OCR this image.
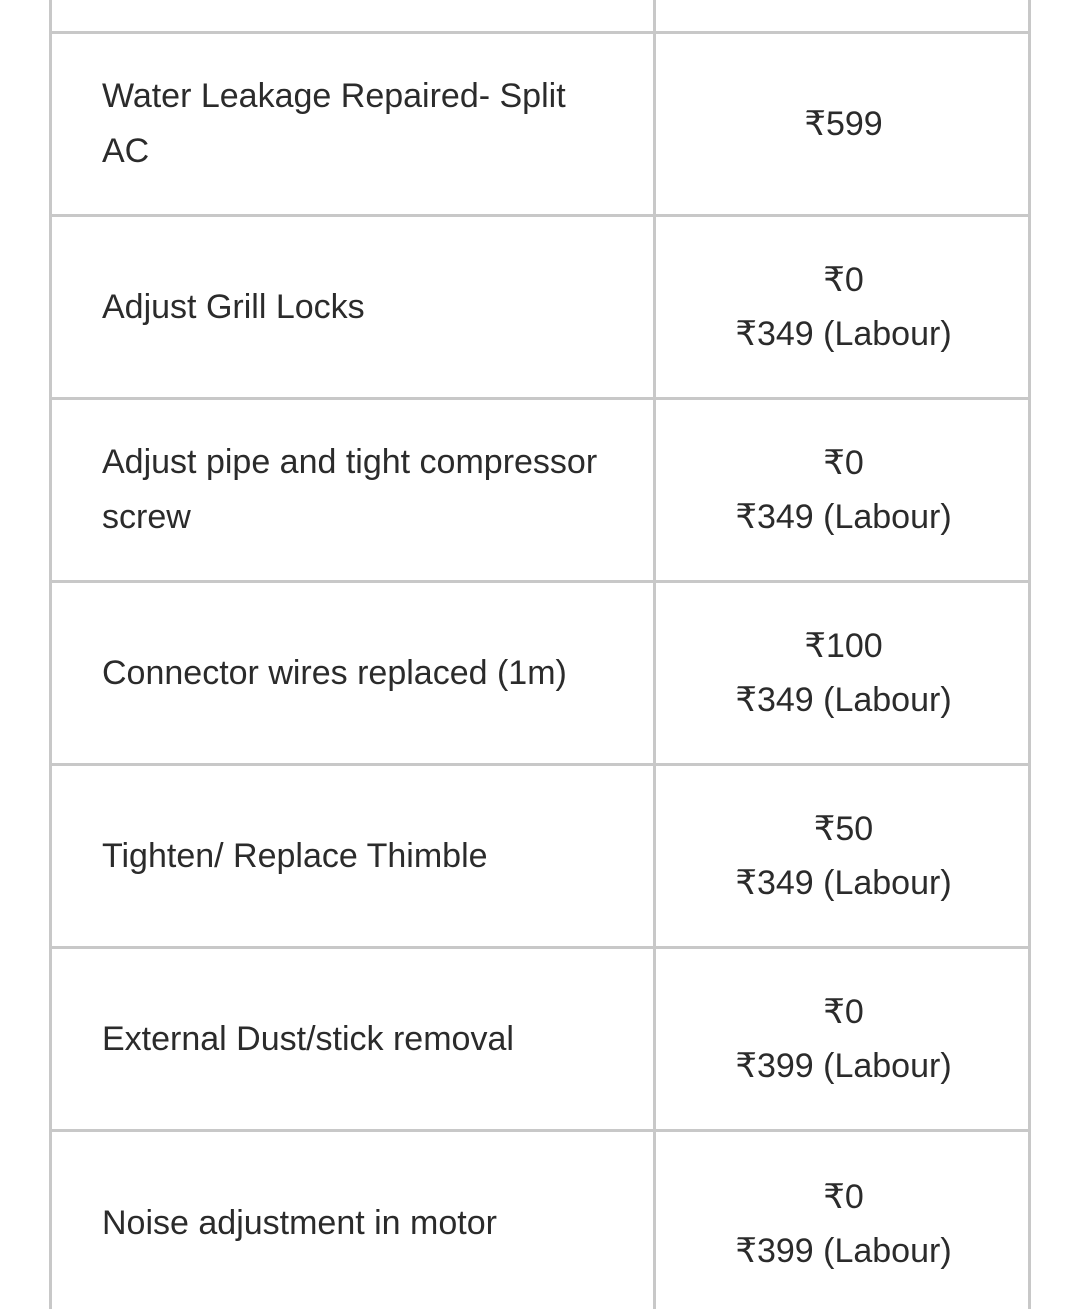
Water Leakage Repaired- Split AC
₹599
Adjust Grill Locks
₹0
₹349 (Labour)
Adjust pipe and tight compressor screw
₹0
₹349 (Labour)
Connector wires replaced (1m)
₹100
₹349 (Labour)
Tighten/ Replace Thimble
₹50
₹349 (Labour)
External Dust/stick removal
₹0
₹399 (Labour)
Noise adjustment in motor
₹0
₹399 (Labour)
